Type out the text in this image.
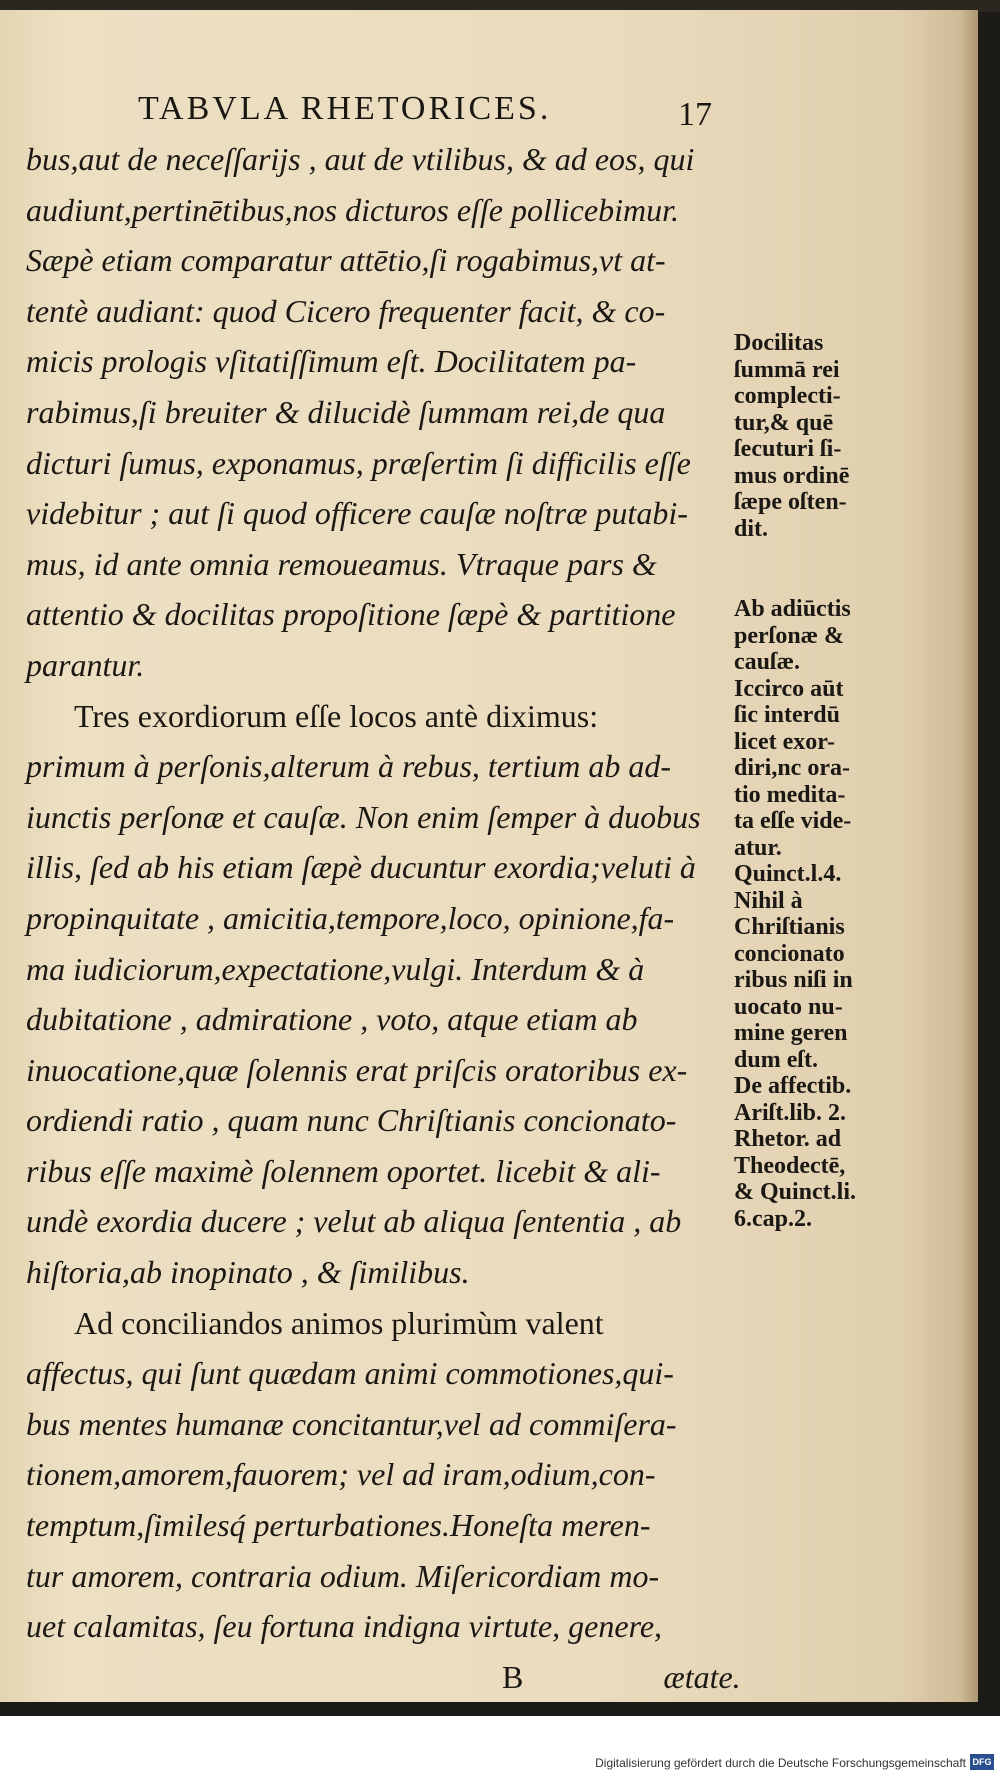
TABVLA RHETORICES.	17
bus,aut de neceſſarijs , aut de vtilibus, & ad eos, qui
audiunt,pertinētibus,nos dicturos eſſe pollicebimur.
Sæpè etiam comparatur attētio,ſi rogabimus,vt at-
tentè audiant: quod Cicero frequenter facit, & co-
micis prologis vſitatiſſimum eſt. Docilitatem pa-
rabimus,ſi breuiter & dilucidè ſummam rei,de qua
dicturi ſumus, exponamus, præſertim ſi difficilis eſſe
videbitur ; aut ſi quod officere cauſæ noſtræ putabi-
mus, id ante omnia remoueamus. Vtraque pars &
attentio & docilitas propoſitione ſæpè & partitione
parantur.
Tres exordiorum eſſe locos antè diximus:
primum à perſonis,alterum à rebus, tertium ab ad-
iunctis perſonæ et cauſæ. Non enim ſemper à duobus
illis, ſed ab his etiam ſæpè ducuntur exordia;veluti à
propinquitate , amicitia,tempore,loco, opinione,fa-
ma iudiciorum,expectatione,vulgi. Interdum & à
dubitatione , admiratione , voto, atque etiam ab
inuocatione,quæ ſolennis erat priſcis oratoribus ex-
ordiendi ratio , quam nunc Chriſtianis concionato-
ribus eſſe maximè ſolennem oportet. licebit & ali-
undè exordia ducere ; velut ab aliqua ſententia , ab
hiſtoria,ab inopinato , & ſimilibus.
Ad conciliandos animos plurimùm valent
affectus, qui ſunt quædam animi commotiones,qui-
bus mentes humanæ concitantur,vel ad commiſera-
tionem,amorem,fauorem; vel ad iram,odium,con-
temptum,ſimilesq́ perturbationes.Honeſta meren-
tur amorem, contraria odium. Miſericordiam mo-
uet calamitas, ſeu fortuna indigna virtute, genere,
B	ætate.
Docilitas
ſummā rei
complecti-
tur,& quē
ſecuturi ſi-
mus ordinē
ſæpe oſten-
dit.
Ab adiūctis
perſonæ &
cauſæ.
Iccirco aūt
ſic interdū
licet exor-
diri,nc ora-
tio medita-
ta eſſe vide-
atur.
Quinct.l.4.
Nihil à
Chriſtianis
concionato
ribus niſi in
uocato nu-
mine geren
dum eſt.
De affectib.
Ariſt.lib. 2.
Rhetor. ad
Theodectē,
& Quinct.li.
6.cap.2.
Digitalisierung gefördert durch die Deutsche Forschungsgemeinschaft DFG
